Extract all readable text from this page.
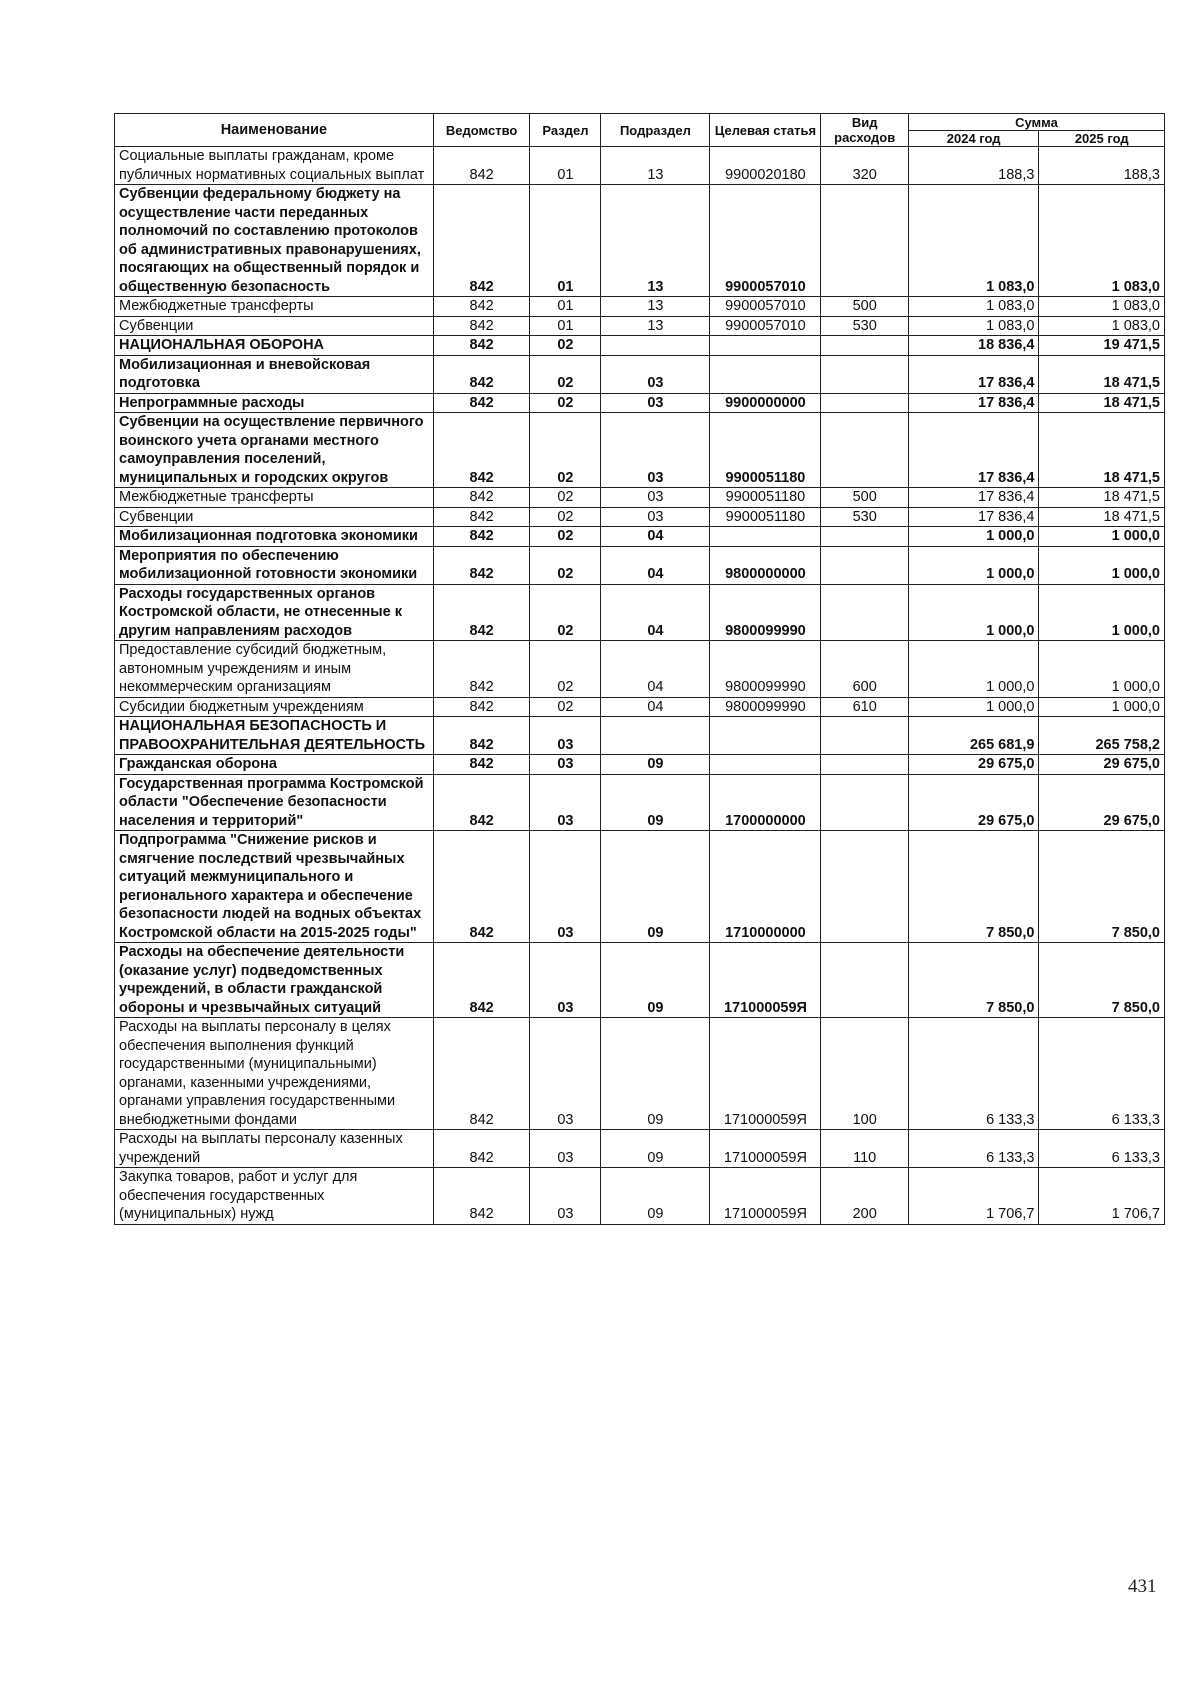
Наименование	Ведомство	Раздел	Подраздел	Целевая статья	Вид расходов	Сумма	
						2024 год	2025 год
Социальные выплаты гражданам, кроме публичных нормативных социальных выплат	842	01	13	9900020180	320	188,3	188,3
Субвенции федеральному бюджету на осуществление части переданных полномочий по составлению протоколов об административных правонарушениях, посягающих на общественный порядок и общественную безопасность	842	01	13	9900057010		1 083,0	1 083,0
Межбюджетные трансферты	842	01	13	9900057010	500	1 083,0	1 083,0
Субвенции	842	01	13	9900057010	530	1 083,0	1 083,0
НАЦИОНАЛЬНАЯ ОБОРОНА	842	02				18 836,4	19 471,5
Мобилизационная и вневойсковая подготовка	842	02	03			17 836,4	18 471,5
Непрограммные расходы	842	02	03	9900000000		17 836,4	18 471,5
Субвенции на осуществление первичного воинского учета органами местного самоуправления поселений, муниципальных и городских округов	842	02	03	9900051180		17 836,4	18 471,5
Межбюджетные трансферты	842	02	03	9900051180	500	17 836,4	18 471,5
Субвенции	842	02	03	9900051180	530	17 836,4	18 471,5
Мобилизационная подготовка экономики	842	02	04			1 000,0	1 000,0
Мероприятия по обеспечению мобилизационной готовности экономики	842	02	04	9800000000		1 000,0	1 000,0
Расходы государственных органов Костромской области, не отнесенные к другим направлениям расходов	842	02	04	9800099990		1 000,0	1 000,0
Предоставление субсидий бюджетным, автономным учреждениям и иным некоммерческим организациям	842	02	04	9800099990	600	1 000,0	1 000,0
Субсидии бюджетным учреждениям	842	02	04	9800099990	610	1 000,0	1 000,0
НАЦИОНАЛЬНАЯ БЕЗОПАСНОСТЬ И ПРАВООХРАНИТЕЛЬНАЯ ДЕЯТЕЛЬНОСТЬ	842	03				265 681,9	265 758,2
Гражданская оборона	842	03	09			29 675,0	29 675,0
Государственная программа Костромской области "Обеспечение безопасности населения и территорий"	842	03	09	1700000000		29 675,0	29 675,0
Подпрограмма "Снижение рисков и смягчение последствий чрезвычайных ситуаций межмуниципального и регионального характера и обеспечение безопасности людей на водных объектах Костромской области на 2015-2025 годы"	842	03	09	1710000000		7 850,0	7 850,0
Расходы на обеспечение деятельности (оказание услуг) подведомственных учреждений, в области гражданской обороны и чрезвычайных ситуаций	842	03	09	171000059Я		7 850,0	7 850,0
Расходы на выплаты персоналу в целях обеспечения выполнения функций государственными (муниципальными) органами, казенными учреждениями, органами управления государственными внебюджетными фондами	842	03	09	171000059Я	100	6 133,3	6 133,3
Расходы на выплаты персоналу казенных учреждений	842	03	09	171000059Я	110	6 133,3	6 133,3
Закупка товаров, работ и услуг для обеспечения государственных (муниципальных) нужд	842	03	09	171000059Я	200	1 706,7	1 706,7
431
